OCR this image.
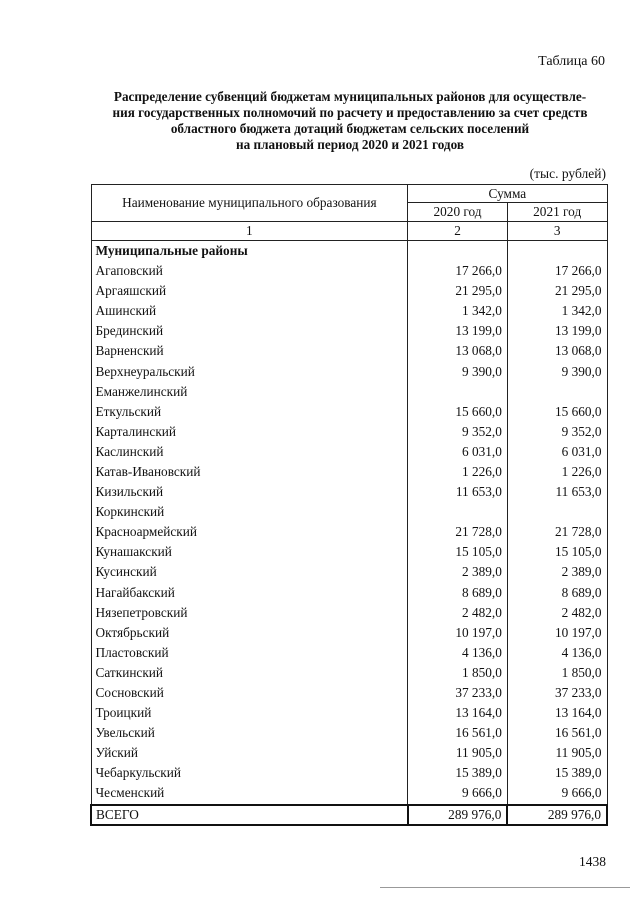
Таблица 60
Распределение субвенций бюджетам муниципальных районов для осуществле-
ния государственных полномочий по расчету и предоставлению за счет средств
областного бюджета дотаций бюджетам сельских поселений
на плановый период 2020 и 2021 годов
(тыс. рублей)
Наименование муниципального образования	Сумма	
	2020 год	2021 год
1	2	3
Муниципальные районы		
Агаповский	17 266,0	17 266,0
Аргаяшский	21 295,0	21 295,0
Ашинский	1 342,0	1 342,0
Брединский	13 199,0	13 199,0
Варненский	13 068,0	13 068,0
Верхнеуральский	9 390,0	9 390,0
Еманжелинский		
Еткульский	15 660,0	15 660,0
Карталинский	9 352,0	9 352,0
Каслинский	6 031,0	6 031,0
Катав-Ивановский	1 226,0	1 226,0
Кизильский	11 653,0	11 653,0
Коркинский		
Красноармейский	21 728,0	21 728,0
Кунашакский	15 105,0	15 105,0
Кусинский	2 389,0	2 389,0
Нагайбакский	8 689,0	8 689,0
Нязепетровский	2 482,0	2 482,0
Октябрьский	10 197,0	10 197,0
Пластовский	4 136,0	4 136,0
Саткинский	1 850,0	1 850,0
Сосновский	37 233,0	37 233,0
Троицкий	13 164,0	13 164,0
Увельский	16 561,0	16 561,0
Уйский	11 905,0	11 905,0
Чебаркульский	15 389,0	15 389,0
Чесменский	9 666,0	9 666,0
ВСЕГО	289 976,0	289 976,0
1438
